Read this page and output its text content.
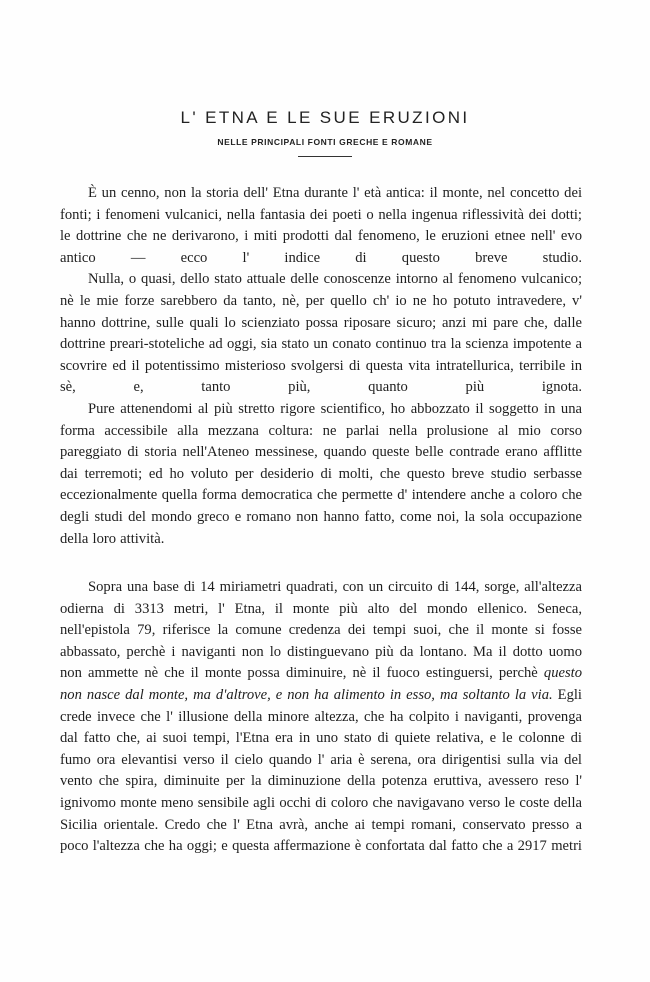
L' ETNA E LE SUE ERUZIONI
NELLE PRINCIPALI FONTI GRECHE E ROMANE

È un cenno, non la storia dell' Etna durante l' età antica: il monte, nel concetto dei fonti; i fenomeni vulcanici, nella fantasia dei poeti o nella ingenua riflessività dei dotti; le dottrine che ne derivarono, i miti prodotti dal fenomeno, le eruzioni etnee nell' evo antico — ecco l' indice di questo breve studio.

Nulla, o quasi, dello stato attuale delle conoscenze intorno al fenomeno vulcanico; nè le mie forze sarebbero da tanto, nè, per quello ch' io ne ho potuto intravedere, v' hanno dottrine, sulle quali lo scienziato possa riposare sicuro; anzi mi pare che, dalle dottrine preari-stoteliche ad oggi, sia stato un conato continuo tra la scienza impotente a scovrire ed il potentissimo misterioso svolgersi di questa vita intratellurica, terribile in sè, e, tanto più, quanto più ignota.

Pure attenendomi al più stretto rigore scientifico, ho abbozzato il soggetto in una forma accessibile alla mezzana coltura: ne parlai nella prolusione al mio corso pareggiato di storia nell'Ateneo messinese, quando queste belle contrade erano afflitte dai terremoti; ed ho voluto per desiderio di molti, che questo breve studio serbasse eccezionalmente quella forma democratica che permette d' intendere anche a coloro che degli studi del mondo greco e romano non hanno fatto, come noi, la sola occupazione della loro attività.

Sopra una base di 14 miriametri quadrati, con un circuito di 144, sorge, all'altezza odierna di 3313 metri, l' Etna, il monte più alto del mondo ellenico. Seneca, nell'epistola 79, riferisce la comune credenza dei tempi suoi, che il monte si fosse abbassato, perchè i naviganti non lo distinguevano più da lontano. Ma il dotto uomo non ammette nè che il monte possa diminuire, nè il fuoco estinguersi, perchè questo non nasce dal monte, ma d'altrove, e non ha alimento in esso, ma soltanto la via. Egli crede invece che l' illusione della minore altezza, che ha colpito i naviganti, provenga dal fatto che, ai suoi tempi, l'Etna era in uno stato di quiete relativa, e le colonne di fumo ora elevantisi verso il cielo quando l' aria è serena, ora dirigentisi sulla via del vento che spira, diminuite per la diminuzione della potenza eruttiva, avessero reso l' ignivomo monte meno sensibile agli occhi di coloro che navigavano verso le coste della Sicilia orientale. Credo che l' Etna avrà, anche ai tempi romani, conservato presso a poco l'altezza che ha oggi; e questa affermazione è confortata dal fatto che a 2917 metri
